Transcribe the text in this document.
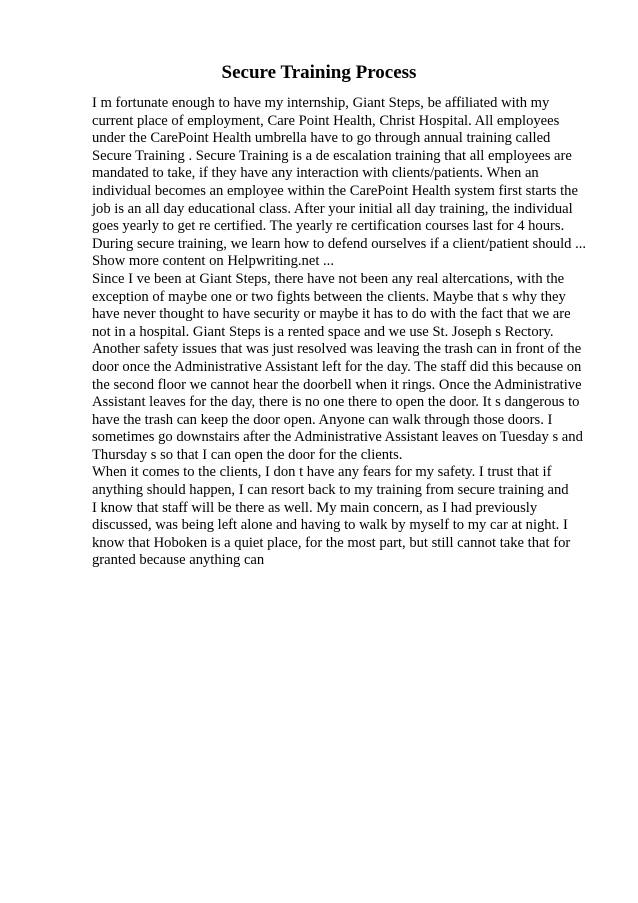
Secure Training Process
I m fortunate enough to have my internship, Giant Steps, be affiliated with my
current place of employment, Care Point Health, Christ Hospital. All employees
under the CarePoint Health umbrella have to go through annual training called
Secure Training . Secure Training is a de escalation training that all employees are
mandated to take, if they have any interaction with clients/patients. When an
individual becomes an employee within the CarePoint Health system first starts the
job is an all day educational class. After your initial all day training, the individual
goes yearly to get re certified. The yearly re certification courses last for 4 hours.
During secure training, we learn how to defend ourselves if a client/patient should ...
Show more content on Helpwriting.net ...
Since I ve been at Giant Steps, there have not been any real altercations, with the
exception of maybe one or two fights between the clients. Maybe that s why they
have never thought to have security or maybe it has to do with the fact that we are
not in a hospital. Giant Steps is a rented space and we use St. Joseph s Rectory.
Another safety issues that was just resolved was leaving the trash can in front of the
door once the Administrative Assistant left for the day. The staff did this because on
the second floor we cannot hear the doorbell when it rings. Once the Administrative
Assistant leaves for the day, there is no one there to open the door. It s dangerous to
have the trash can keep the door open. Anyone can walk through those doors. I
sometimes go downstairs after the Administrative Assistant leaves on Tuesday s and
Thursday s so that I can open the door for the clients.
When it comes to the clients, I don t have any fears for my safety. I trust that if
anything should happen, I can resort back to my training from secure training and
I know that staff will be there as well. My main concern, as I had previously
discussed, was being left alone and having to walk by myself to my car at night. I
know that Hoboken is a quiet place, for the most part, but still cannot take that for
granted because anything can
